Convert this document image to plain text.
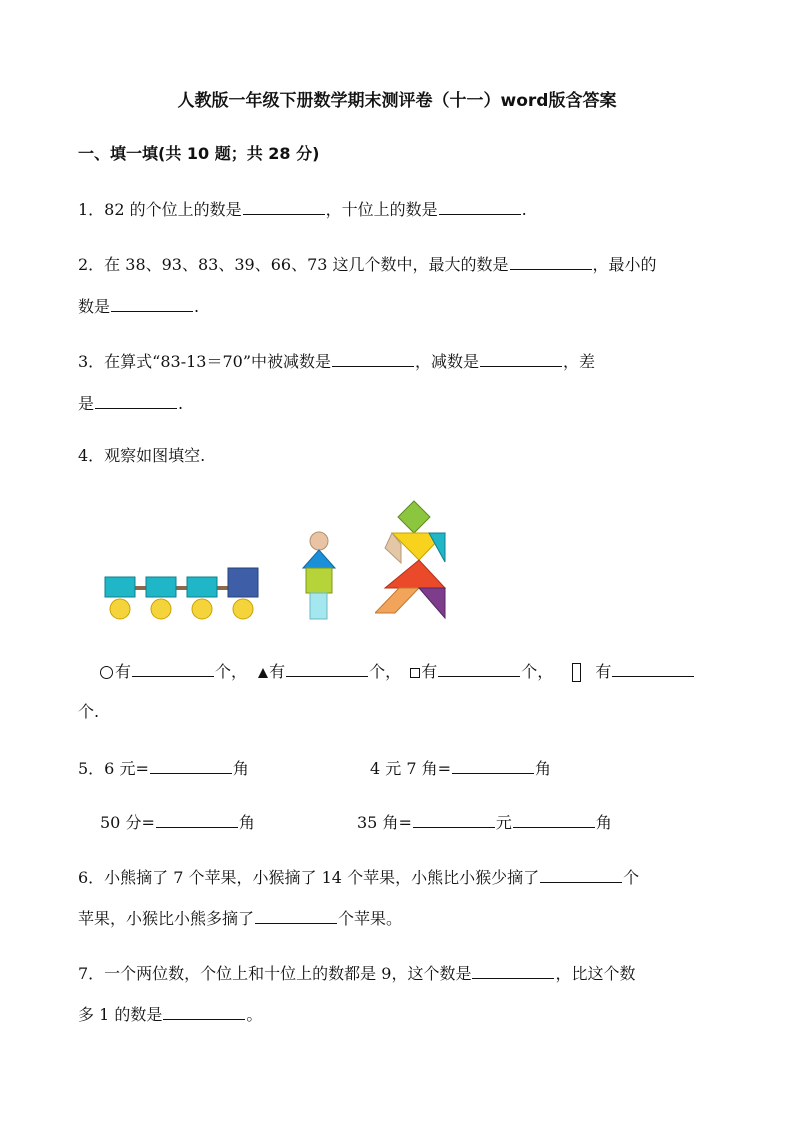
人教版一年级下册数学期末测评卷（十一）word版含答案
一、填一填(共 10 题；共 28 分)
1．82 的个位上的数是	，十位上的数是	.
2．在 38、93、83、39、66、73 这几个数中，最大的数是	，最小的
数是	.
3．在算式“83-13＝70”中被减数是	，减数是	，差
是	.
4．观察如图填空.
有	个， 有	个， 有	个，	有
个.
5．6 元=	角	4 元 7 角=	角
50 分=	角	35 角=	元	角
6．小熊摘了 7 个苹果，小猴摘了 14 个苹果，小熊比小猴少摘了	个
苹果，小猴比小熊多摘了	个苹果。
7．一个两位数，个位上和十位上的数都是 9，这个数是	，比这个数
多 1 的数是	。
